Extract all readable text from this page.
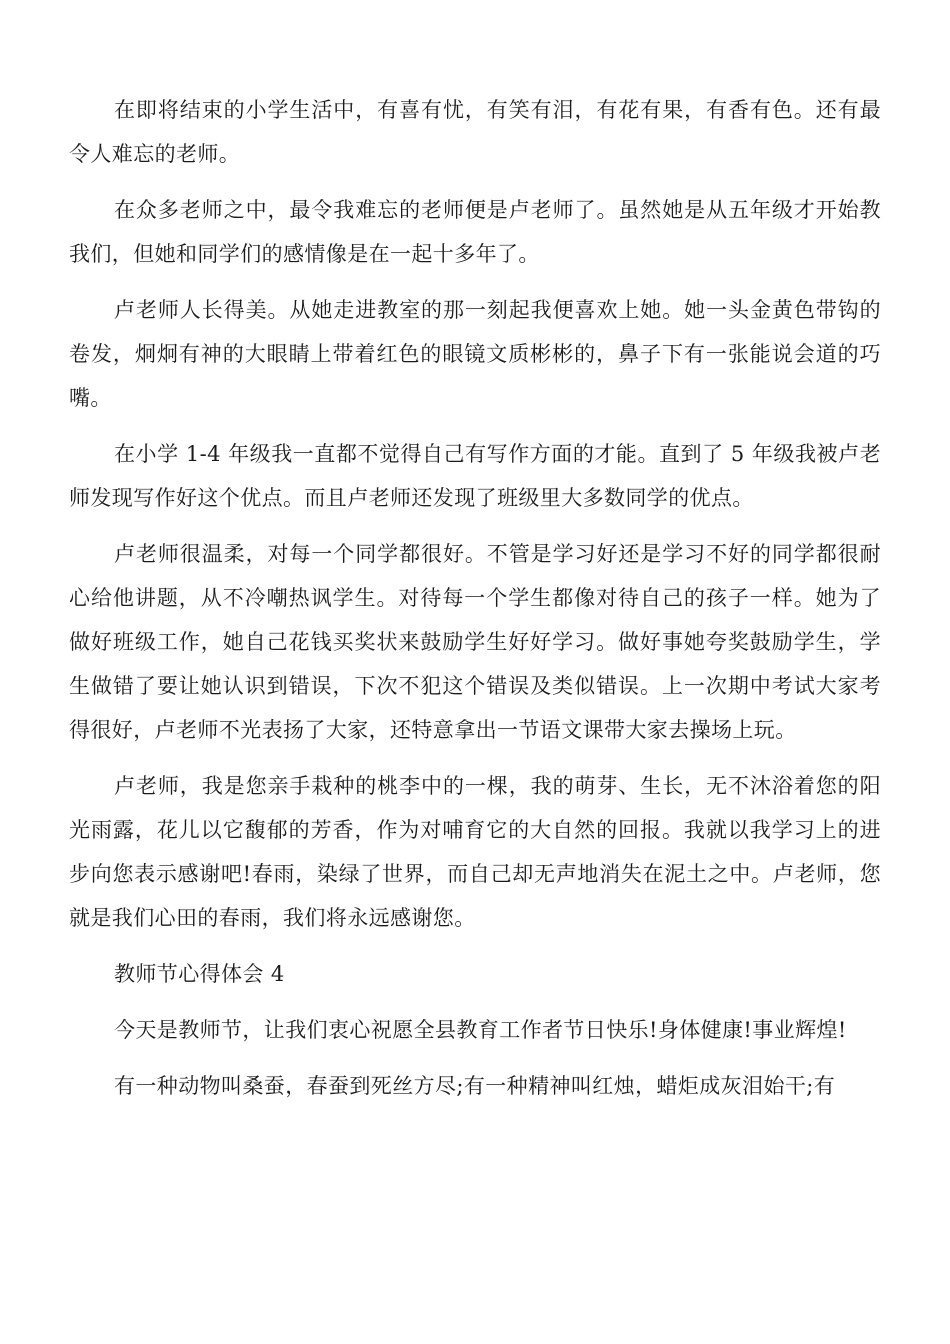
在即将结束的小学生活中，有喜有忧，有笑有泪，有花有果，有香有色。还有最令人难忘的老师。

在众多老师之中，最令我难忘的老师便是卢老师了。虽然她是从五年级才开始教我们，但她和同学们的感情像是在一起十多年了。

卢老师人长得美。从她走进教室的那一刻起我便喜欢上她。她一头金黄色带钩的卷发，炯炯有神的大眼睛上带着红色的眼镜文质彬彬的，鼻子下有一张能说会道的巧嘴。

在小学 1-4 年级我一直都不觉得自己有写作方面的才能。直到了 5 年级我被卢老师发现写作好这个优点。而且卢老师还发现了班级里大多数同学的优点。

卢老师很温柔，对每一个同学都很好。不管是学习好还是学习不好的同学都很耐心给他讲题，从不冷嘲热讽学生。对待每一个学生都像对待自己的孩子一样。她为了做好班级工作，她自己花钱买奖状来鼓励学生好好学习。做好事她夸奖鼓励学生，学生做错了要让她认识到错误，下次不犯这个错误及类似错误。上一次期中考试大家考得很好，卢老师不光表扬了大家，还特意拿出一节语文课带大家去操场上玩。

卢老师，我是您亲手栽种的桃李中的一棵，我的萌芽、生长，无不沐浴着您的阳光雨露，花儿以它馥郁的芳香，作为对哺育它的大自然的回报。我就以我学习上的进步向您表示感谢吧!春雨，染绿了世界，而自己却无声地消失在泥土之中。卢老师，您就是我们心田的春雨，我们将永远感谢您。

教师节心得体会 4

今天是教师节，让我们衷心祝愿全县教育工作者节日快乐!身体健康!事业辉煌!

有一种动物叫桑蚕，春蚕到死丝方尽;有一种精神叫红烛，蜡炬成灰泪始干;有
